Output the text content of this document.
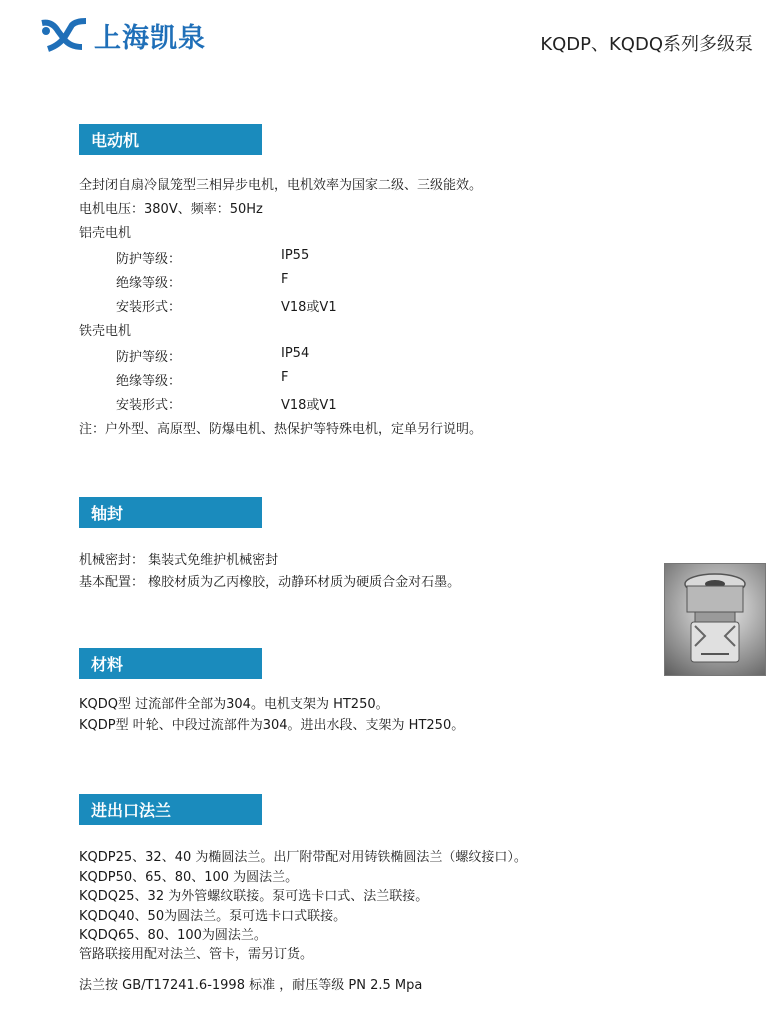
上海凯泉	KQDP、KQDQ系列多级泵
电动机
全封闭自扇冷鼠笼型三相异步电机，电机效率为国家二级、三级能效。
电机电压：380V、频率：50Hz
铝壳电机
防护等级：	IP55
绝缘等级：	F
安装形式：	V18或V1
铁壳电机
防护等级：	IP54
绝缘等级：	F
安装形式：	V18或V1
注：户外型、高原型、防爆电机、热保护等特殊电机，定单另行说明。
轴封
机械密封： 集装式免维护机械密封
基本配置： 橡胶材质为乙丙橡胶，动静环材质为硬质合金对石墨。
材料
KQDQ型 过流部件全部为304。电机支架为 HT250。
KQDP型 叶轮、中段过流部件为304。进出水段、支架为 HT250。
进出口法兰
KQDP25、32、40 为椭圆法兰。出厂附带配对用铸铁椭圆法兰（螺纹接口）。
KQDP50、65、80、100 为圆法兰。
KQDQ25、32 为外管螺纹联接。泵可选卡口式、法兰联接。
KQDQ40、50为圆法兰。泵可选卡口式联接。
KQDQ65、80、100为圆法兰。
管路联接用配对法兰、管卡，需另订货。
法兰按 GB/T17241.6-1998 标准 ，耐压等级 PN 2.5 Mpa
